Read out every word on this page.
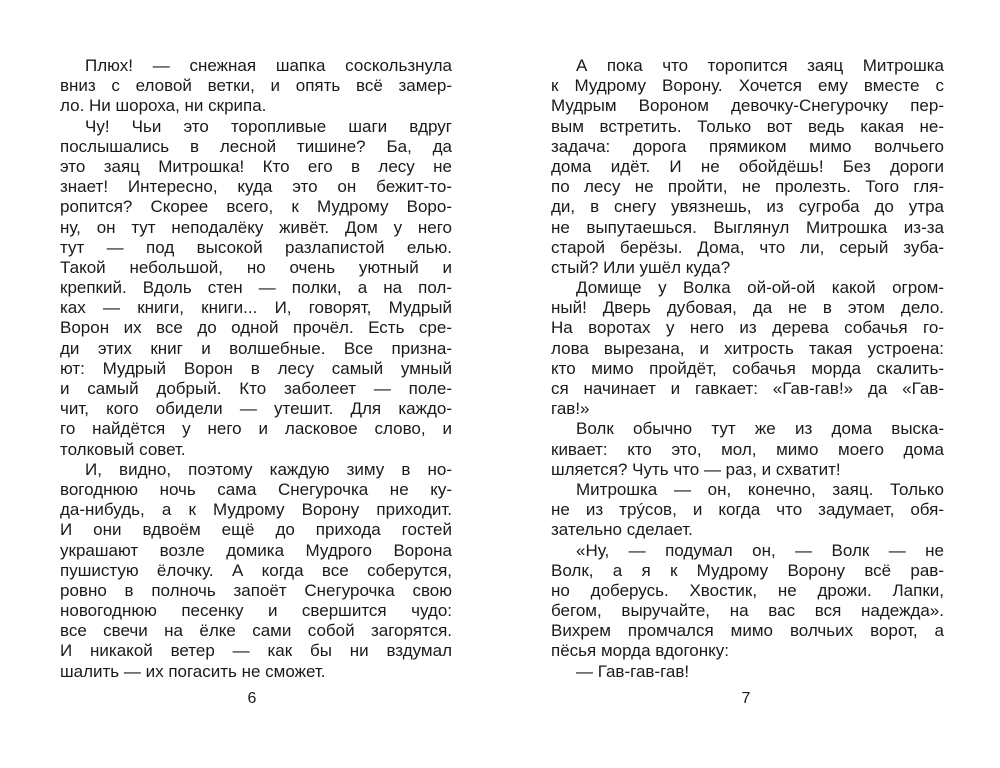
Плюх! — снежная шапка соскользнула
вниз с еловой ветки, и опять всё замер-
ло. Ни шороха, ни скрипа.
Чу! Чьи это торопливые шаги вдруг
послышались в лесной тишине? Ба, да
это заяц Митрошка! Кто его в лесу не
знает! Интересно, куда это он бежит-то-
ропится? Скорее всего, к Мудрому Воро-
ну, он тут неподалёку живёт. Дом у него
тут — под высокой разлапистой елью.
Такой небольшой, но очень уютный и
крепкий. Вдоль стен — полки, а на пол-
ках — книги, книги... И, говорят, Мудрый
Ворон их все до одной прочёл. Есть сре-
ди этих книг и волшебные. Все призна-
ют: Мудрый Ворон в лесу самый умный
и самый добрый. Кто заболеет — поле-
чит, кого обидели — утешит. Для каждо-
го найдётся у него и ласковое слово, и
толковый совет.
И, видно, поэтому каждую зиму в но-
вогоднюю ночь сама Снегурочка не ку-
да-нибудь, а к Мудрому Ворону приходит.
И они вдвоём ещё до прихода гостей
украшают возле домика Мудрого Ворона
пушистую ёлочку. А когда все соберутся,
ровно в полночь запоёт Снегурочка свою
новогоднюю песенку и свершится чудо:
все свечи на ёлке сами собой загорятся.
И никакой ветер — как бы ни вздумал
шалить — их погасить не сможет.
А пока что торопится заяц Митрошка
к Мудрому Ворону. Хочется ему вместе с
Мудрым Вороном девочку-Снегурочку пер-
вым встретить. Только вот ведь какая не-
задача: дорога прямиком мимо волчьего
дома идёт. И не обойдёшь! Без дороги
по лесу не пройти, не пролезть. Того гля-
ди, в снегу увязнешь, из сугроба до утра
не выпутаешься. Выглянул Митрошка из-за
старой берёзы. Дома, что ли, серый зуба-
стый? Или ушёл куда?
Домище у Волка ой-ой-ой какой огром-
ный! Дверь дубовая, да не в этом дело.
На воротах у него из дерева собачья го-
лова вырезана, и хитрость такая устроена:
кто мимо пройдёт, собачья морда скалить-
ся начинает и гавкает: «Гав-гав!» да «Гав-
гав!»
Волк обычно тут же из дома выска-
кивает: кто это, мол, мимо моего дома
шляется? Чуть что — раз, и схватит!
Митрошка — он, конечно, заяц. Только
не из трýсов, и когда что задумает, обя-
зательно сделает.
«Ну, — подумал он, — Волк — не
Волк, а я к Мудрому Ворону всё рав-
но доберусь. Хвостик, не дрожи. Лапки,
бегом, выручайте, на вас вся надежда».
Вихрем промчался мимо волчьих ворот, а
пёсья морда вдогонку:
— Гав-гав-гав!
6	7
